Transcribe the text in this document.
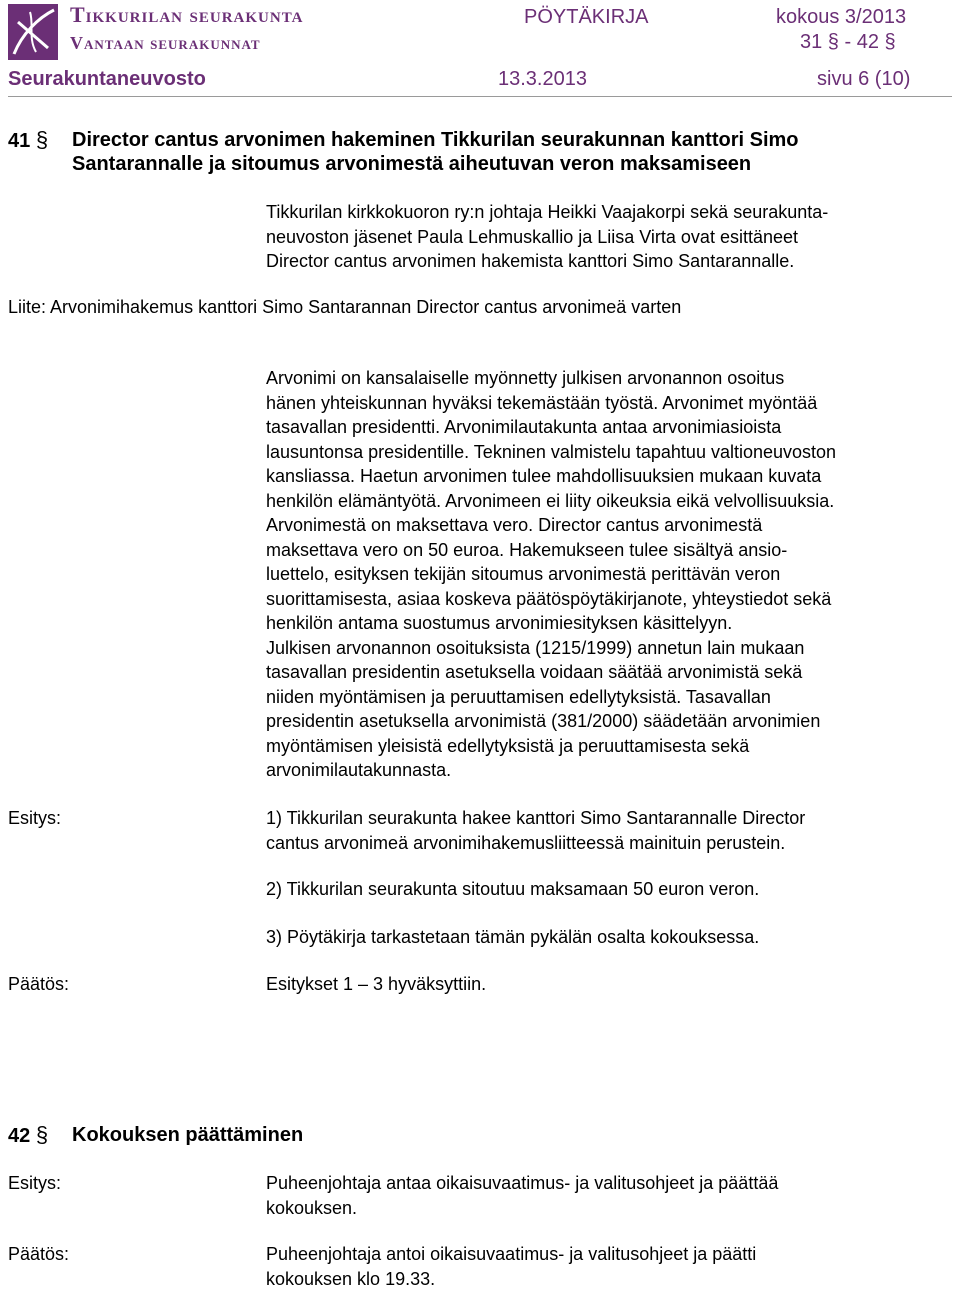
Tikkurilan seurakunta
Vantaan seurakunnat
PÖYTÄKIRJA	kokous 3/2013
31 § - 42 §
Seurakuntaneuvosto	13.3.2013	sivu 6 (10)
41 § Director cantus arvonimen hakeminen Tikkurilan seurakunnan kanttori Simo
Santarannalle ja sitoumus arvonimestä aiheutuvan veron maksamiseen
Tikkurilan kirkkokuoron ry:n johtaja Heikki Vaajakorpi sekä seurakunta-
neuvoston jäsenet Paula Lehmuskallio ja Liisa Virta ovat esittäneet
Director cantus arvonimen hakemista kanttori Simo Santarannalle.
Liite: Arvonimihakemus kanttori Simo Santarannan Director cantus arvonimeä varten
Arvonimi on kansalaiselle myönnetty julkisen arvonannon osoitus
hänen yhteiskunnan hyväksi tekemästään työstä. Arvonimet myöntää
tasavallan presidentti. Arvonimilautakunta antaa arvonimiasioista
lausuntonsa presidentille. Tekninen valmistelu tapahtuu valtioneuvoston
kansliassa. Haetun arvonimen tulee mahdollisuuksien mukaan kuvata
henkilön elämäntyötä. Arvonimeen ei liity oikeuksia eikä velvollisuuksia.
Arvonimestä on maksettava vero. Director cantus arvonimestä
maksettava vero on 50 euroa. Hakemukseen tulee sisältyä ansio-
luettelo, esityksen tekijän sitoumus arvonimestä perittävän veron
suorittamisesta, asiaa koskeva päätöspöytäkirjanote, yhteystiedot sekä
henkilön antama suostumus arvonimiesityksen käsittelyyn.
Julkisen arvonannon osoituksista (1215/1999) annetun lain mukaan
tasavallan presidentin asetuksella voidaan säätää arvonimistä sekä
niiden myöntämisen ja peruuttamisen edellytyksistä. Tasavallan
presidentin asetuksella arvonimistä (381/2000) säädetään arvonimien
myöntämisen yleisistä edellytyksistä ja peruuttamisesta sekä
arvonimilautakunnasta.
Esitys:	1) Tikkurilan seurakunta hakee kanttori Simo Santarannalle Director
cantus arvonimeä arvonimihakemusliitteessä mainituin perustein.
2) Tikkurilan seurakunta sitoutuu maksamaan 50 euron veron.
3) Pöytäkirja tarkastetaan tämän pykälän osalta kokouksessa.
Päätös:	Esitykset 1 – 3 hyväksyttiin.
42 § Kokouksen päättäminen
Esitys:	Puheenjohtaja antaa oikaisuvaatimus- ja valitusohjeet ja päättää
kokouksen.
Päätös:	Puheenjohtaja antoi oikaisuvaatimus- ja valitusohjeet ja päätti
kokouksen klo 19.33.
